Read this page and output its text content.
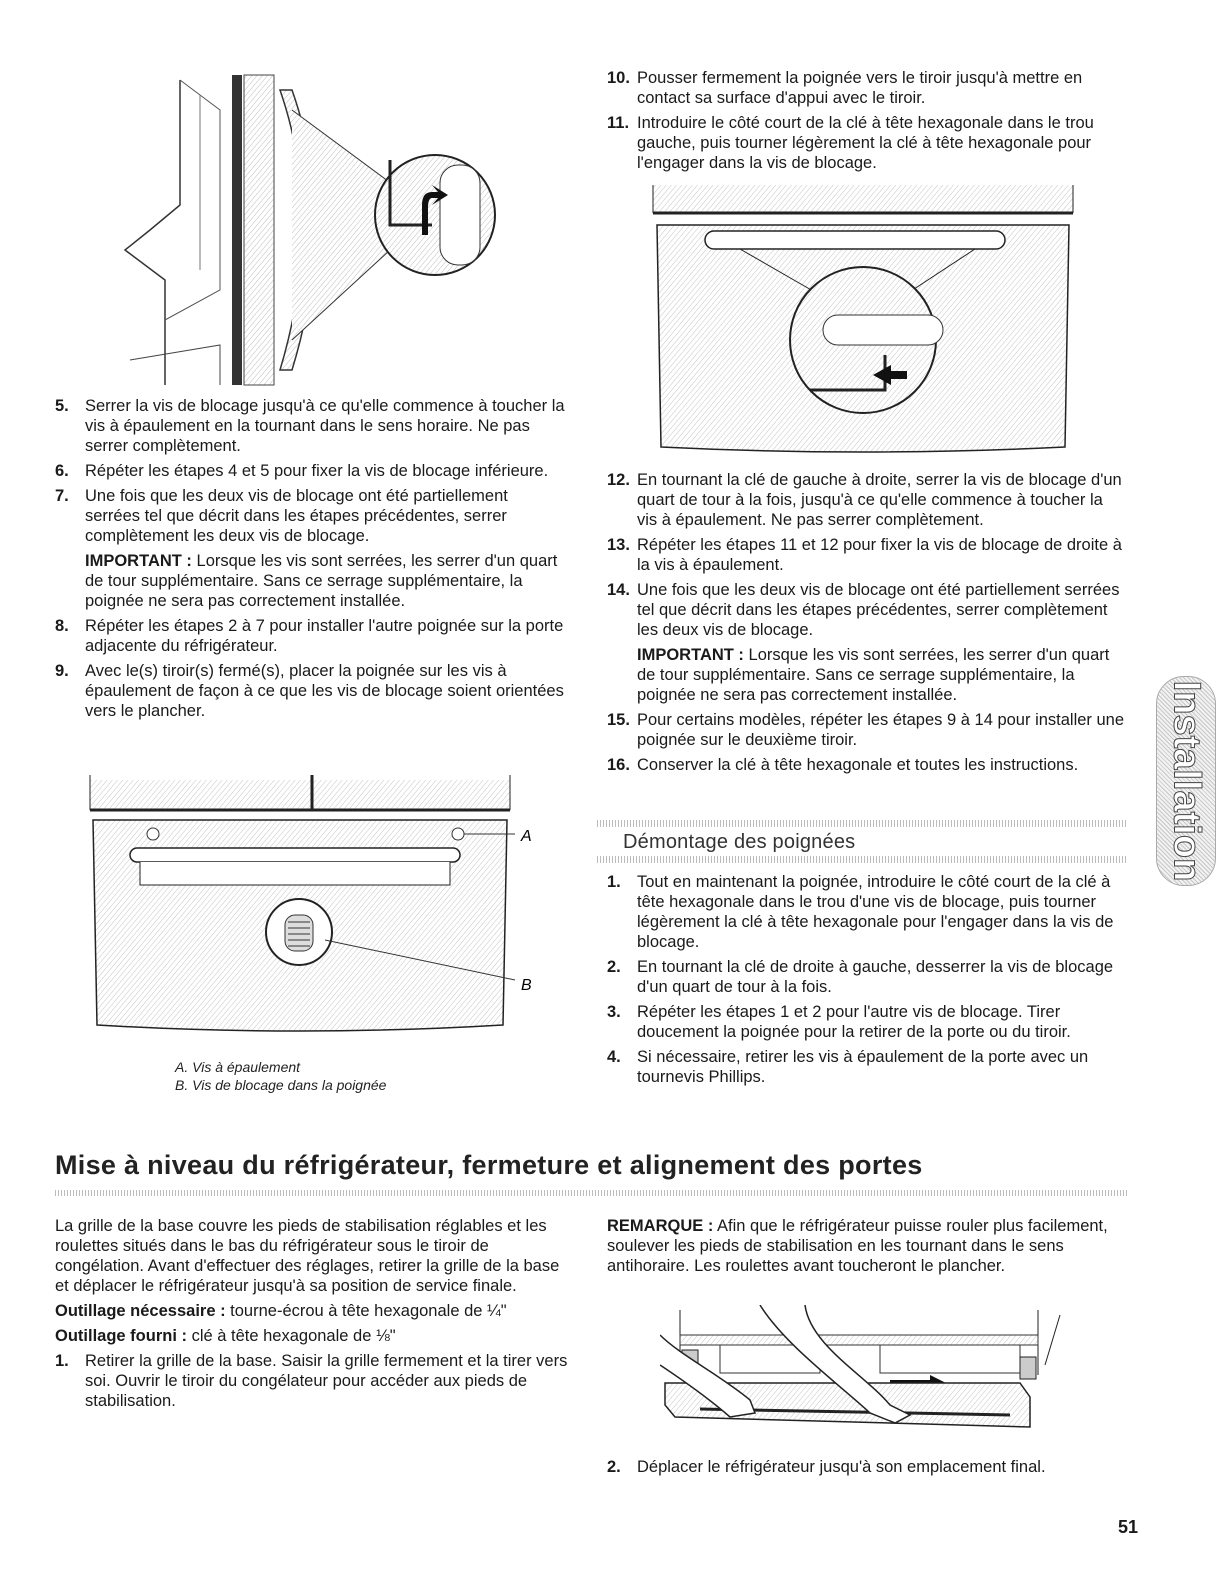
5. Serrer la vis de blocage jusqu'à ce qu'elle commence à toucher la vis à épaulement en la tournant dans le sens horaire. Ne pas serrer complètement.
6. Répéter les étapes 4 et 5 pour fixer la vis de blocage inférieure.
7. Une fois que les deux vis de blocage ont été partiellement serrées tel que décrit dans les étapes précédentes, serrer complètement les deux vis de blocage.
IMPORTANT : Lorsque les vis sont serrées, les serrer d'un quart de tour supplémentaire. Sans ce serrage supplémentaire, la poignée ne sera pas correctement installée.
8. Répéter les étapes 2 à 7 pour installer l'autre poignée sur la porte adjacente du réfrigérateur.
9. Avec le(s) tiroir(s) fermé(s), placer la poignée sur les vis à épaulement de façon à ce que les vis de blocage soient orientées vers le plancher.
A
B
A. Vis à épaulement
B. Vis de blocage dans la poignée
10. Pousser fermement la poignée vers le tiroir jusqu'à mettre en contact sa surface d'appui avec le tiroir.
11. Introduire le côté court de la clé à tête hexagonale dans le trou gauche, puis tourner légèrement la clé à tête hexagonale pour l'engager dans la vis de blocage.
12. En tournant la clé de gauche à droite, serrer la vis de blocage d'un quart de tour à la fois, jusqu'à ce qu'elle commence à toucher la vis à épaulement. Ne pas serrer complètement.
13. Répéter les étapes 11 et 12 pour fixer la vis de blocage de droite à la vis à épaulement.
14. Une fois que les deux vis de blocage ont été partiellement serrées tel que décrit dans les étapes précédentes, serrer complètement les deux vis de blocage.
IMPORTANT : Lorsque les vis sont serrées, les serrer d'un quart de tour supplémentaire. Sans ce serrage supplémentaire, la poignée ne sera pas correctement installée.
15. Pour certains modèles, répéter les étapes 9 à 14 pour installer une poignée sur le deuxième tiroir.
16. Conserver la clé à tête hexagonale et toutes les instructions.
Démontage des poignées
1. Tout en maintenant la poignée, introduire le côté court de la clé à tête hexagonale dans le trou d'une vis de blocage, puis tourner légèrement la clé à tête hexagonale pour l'engager dans la vis de blocage.
2. En tournant la clé de droite à gauche, desserrer la vis de blocage d'un quart de tour à la fois.
3. Répéter les étapes 1 et 2 pour l'autre vis de blocage. Tirer doucement la poignée pour la retirer de la porte ou du tiroir.
4. Si nécessaire, retirer les vis à épaulement de la porte avec un tournevis Phillips.
Installation
Mise à niveau du réfrigérateur, fermeture et alignement des portes

La grille de la base couvre les pieds de stabilisation réglables et les roulettes situés dans le bas du réfrigérateur sous le tiroir de congélation. Avant d'effectuer des réglages, retirer la grille de la base et déplacer le réfrigérateur jusqu'à sa position de service finale.

Outillage nécessaire : tourne-écrou à tête hexagonale de ¼"

Outillage fourni : clé à tête hexagonale de ⅛"

1. Retirer la grille de la base. Saisir la grille fermement et la tirer vers soi. Ouvrir le tiroir du congélateur pour accéder aux pieds de stabilisation.

REMARQUE : Afin que le réfrigérateur puisse rouler plus facilement, soulever les pieds de stabilisation en les tournant dans le sens antihoraire. Les roulettes avant toucheront le plancher.

2. Déplacer le réfrigérateur jusqu'à son emplacement final.
51
